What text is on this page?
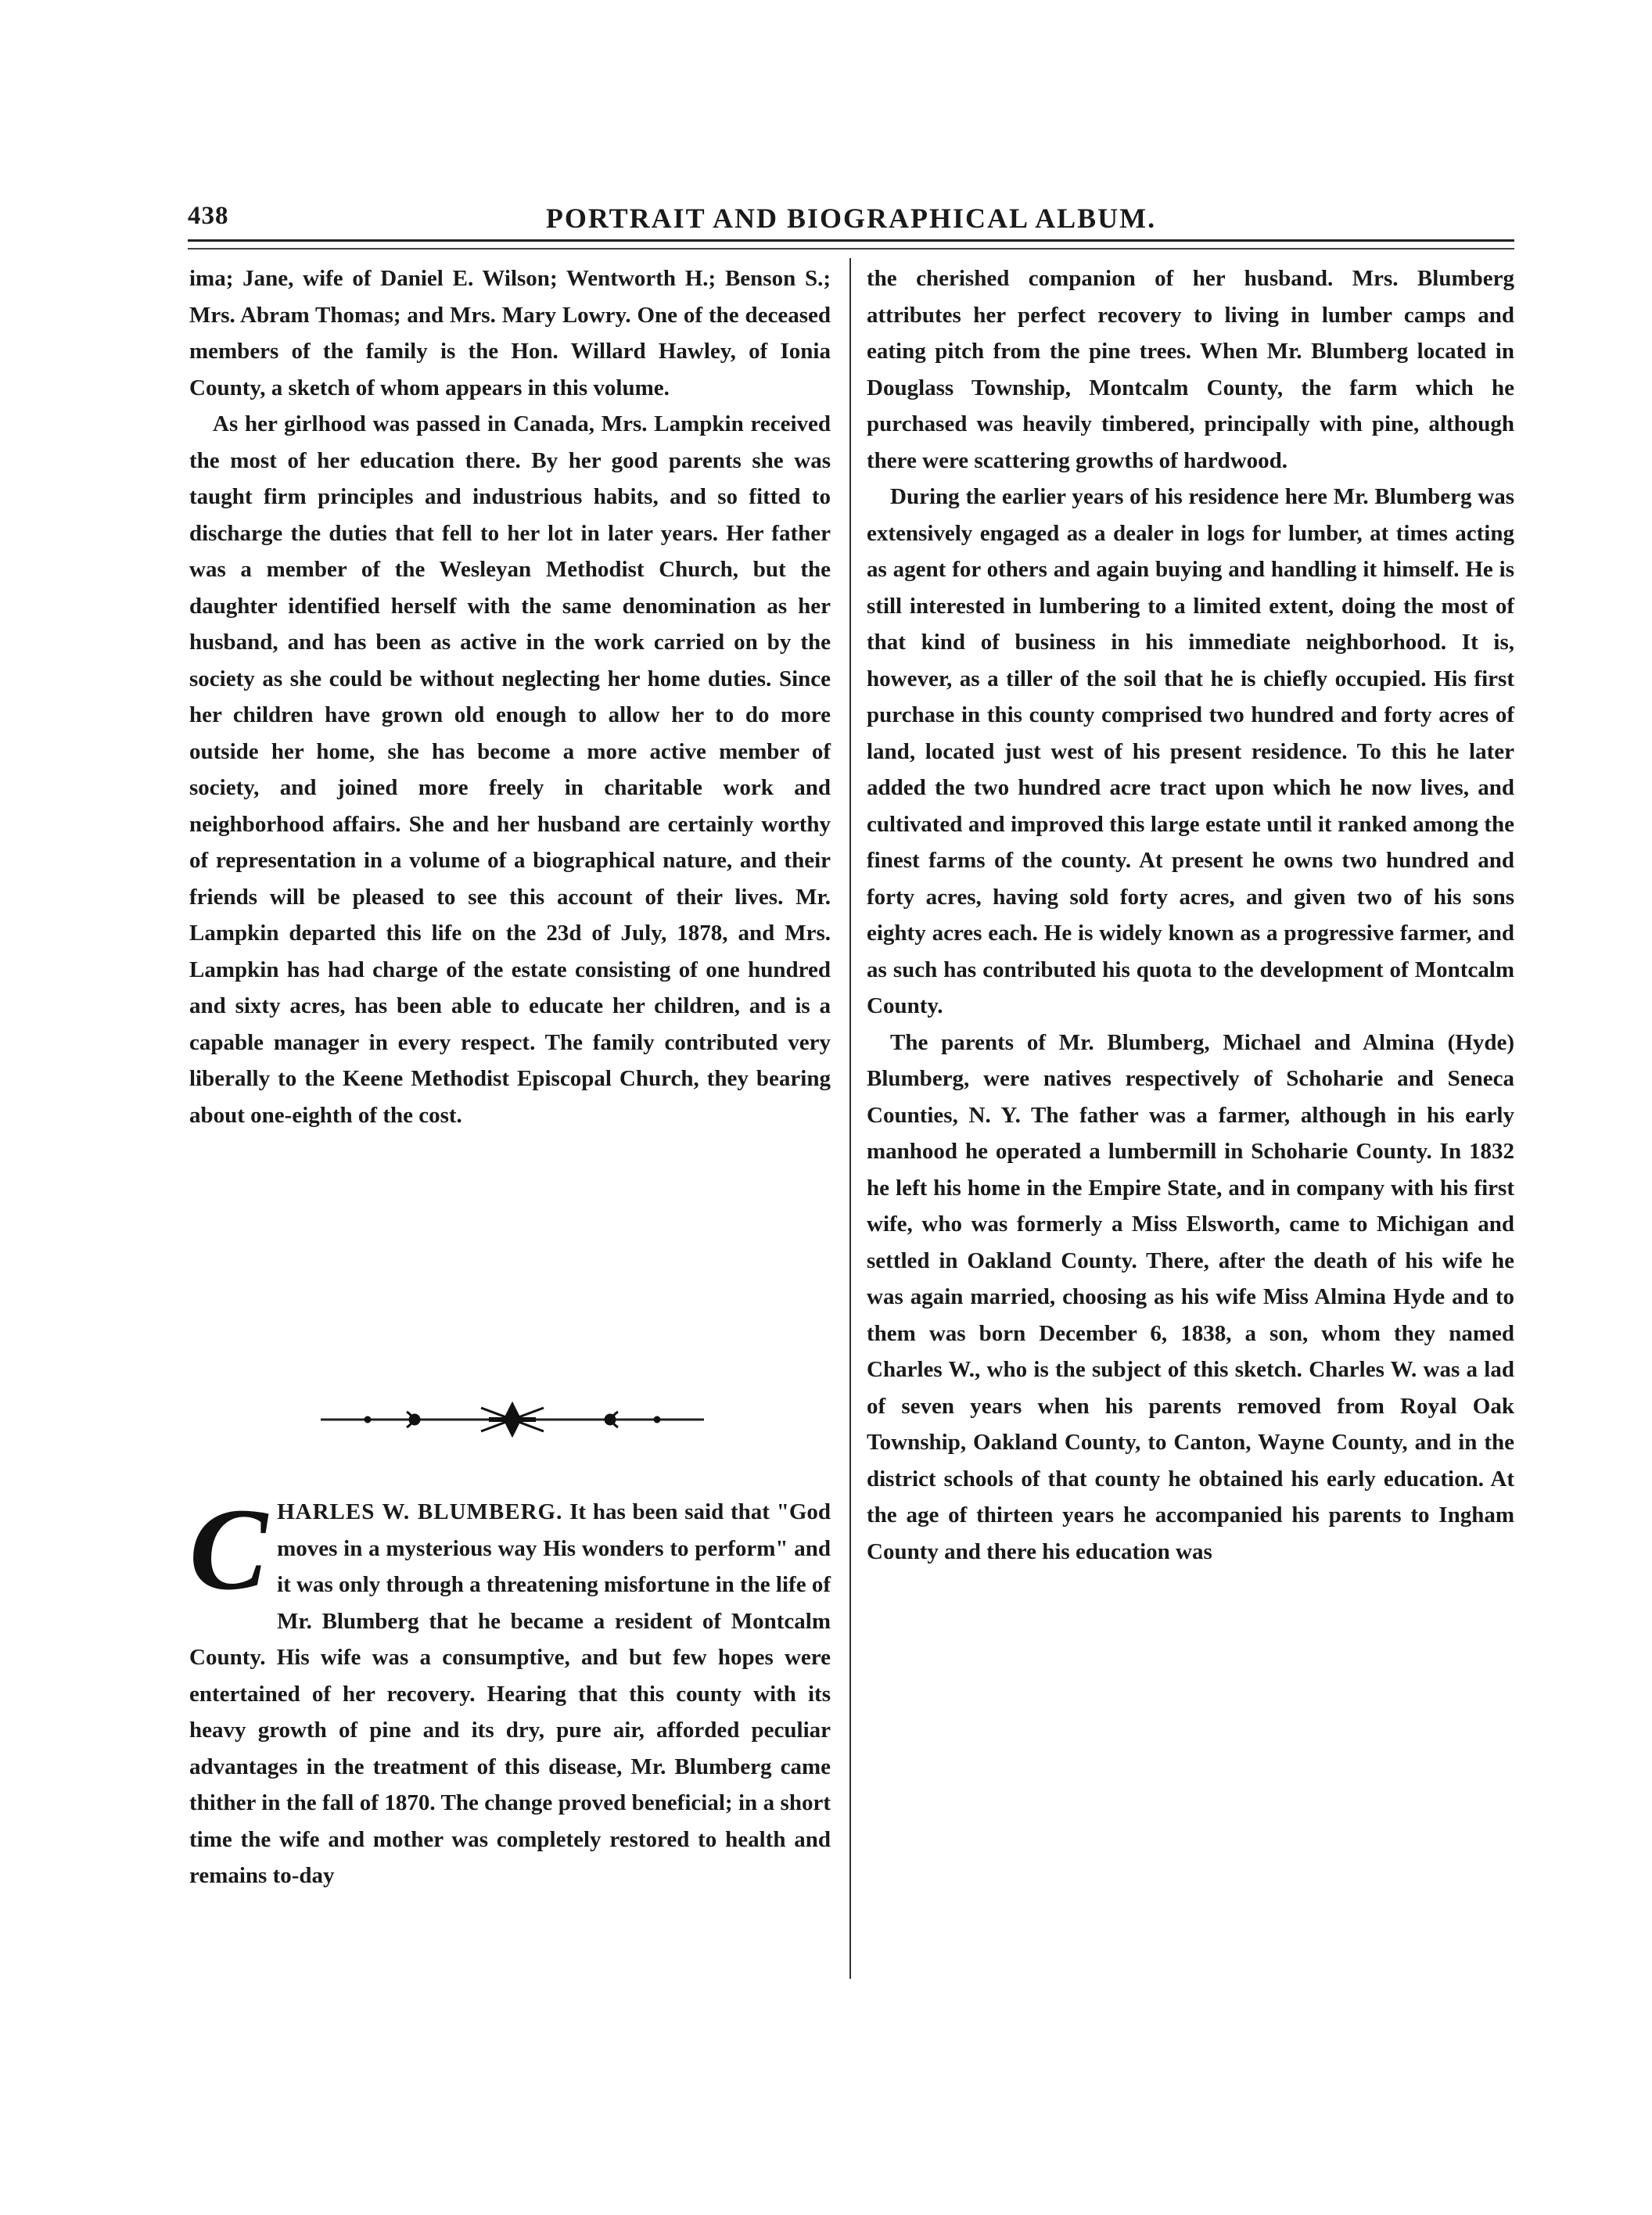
438	PORTRAIT AND BIOGRAPHICAL ALBUM.

ima; Jane, wife of Daniel E. Wilson; Wentworth H.; Benson S.; Mrs. Abram Thomas; and Mrs. Mary Lowry. One of the deceased members of the family is the Hon. Willard Hawley, of Ionia County, a sketch of whom appears in this volume.

As her girlhood was passed in Canada, Mrs. Lampkin received the most of her education there. By her good parents she was taught firm principles and industrious habits, and so fitted to discharge the duties that fell to her lot in later years. Her father was a member of the Wesleyan Methodist Church, but the daughter identified herself with the same denomination as her husband, and has been as active in the work carried on by the society as she could be without neglecting her home duties. Since her children have grown old enough to allow her to do more outside her home, she has become a more active member of society, and joined more freely in charitable work and neighborhood affairs. She and her husband are certainly worthy of representation in a volume of a biographical nature, and their friends will be pleased to see this account of their lives. Mr. Lampkin departed this life on the 23d of July, 1878, and Mrs. Lampkin has had charge of the estate consisting of one hundred and sixty acres, has been able to educate her children, and is a capable manager in every respect. The family contributed very liberally to the Keene Methodist Episcopal Church, they bearing about one-eighth of the cost.

C HARLES W. BLUMBERG. It has been said that "God moves in a mysterious way His wonders to perform" and it was only through a threatening misfortune in the life of Mr. Blumberg that he became a resident of Montcalm County. His wife was a consumptive, and but few hopes were entertained of her recovery. Hearing that this county with its heavy growth of pine and its dry, pure air, afforded peculiar advantages in the treatment of this disease, Mr. Blumberg came thither in the fall of 1870. The change proved beneficial; in a short time the wife and mother was completely restored to health and remains to-day

the cherished companion of her husband. Mrs. Blumberg attributes her perfect recovery to living in lumber camps and eating pitch from the pine trees. When Mr. Blumberg located in Douglass Township, Montcalm County, the farm which he purchased was heavily timbered, principally with pine, although there were scattering growths of hardwood.

During the earlier years of his residence here Mr. Blumberg was extensively engaged as a dealer in logs for lumber, at times acting as agent for others and again buying and handling it himself. He is still interested in lumbering to a limited extent, doing the most of that kind of business in his immediate neighborhood. It is, however, as a tiller of the soil that he is chiefly occupied. His first purchase in this county comprised two hundred and forty acres of land, located just west of his present residence. To this he later added the two hundred acre tract upon which he now lives, and cultivated and improved this large estate until it ranked among the finest farms of the county. At present he owns two hundred and forty acres, having sold forty acres, and given two of his sons eighty acres each. He is widely known as a progressive farmer, and as such has contributed his quota to the development of Montcalm County.

The parents of Mr. Blumberg, Michael and Almina (Hyde) Blumberg, were natives respectively of Schoharie and Seneca Counties, N. Y. The father was a farmer, although in his early manhood he operated a lumbermill in Schoharie County. In 1832 he left his home in the Empire State, and in company with his first wife, who was formerly a Miss Elsworth, came to Michigan and settled in Oakland County. There, after the death of his wife he was again married, choosing as his wife Miss Almina Hyde and to them was born December 6, 1838, a son, whom they named Charles W., who is the subject of this sketch. Charles W. was a lad of seven years when his parents removed from Royal Oak Township, Oakland County, to Canton, Wayne County, and in the district schools of that county he obtained his early education. At the age of thirteen years he accompanied his parents to Ingham County and there his education was
